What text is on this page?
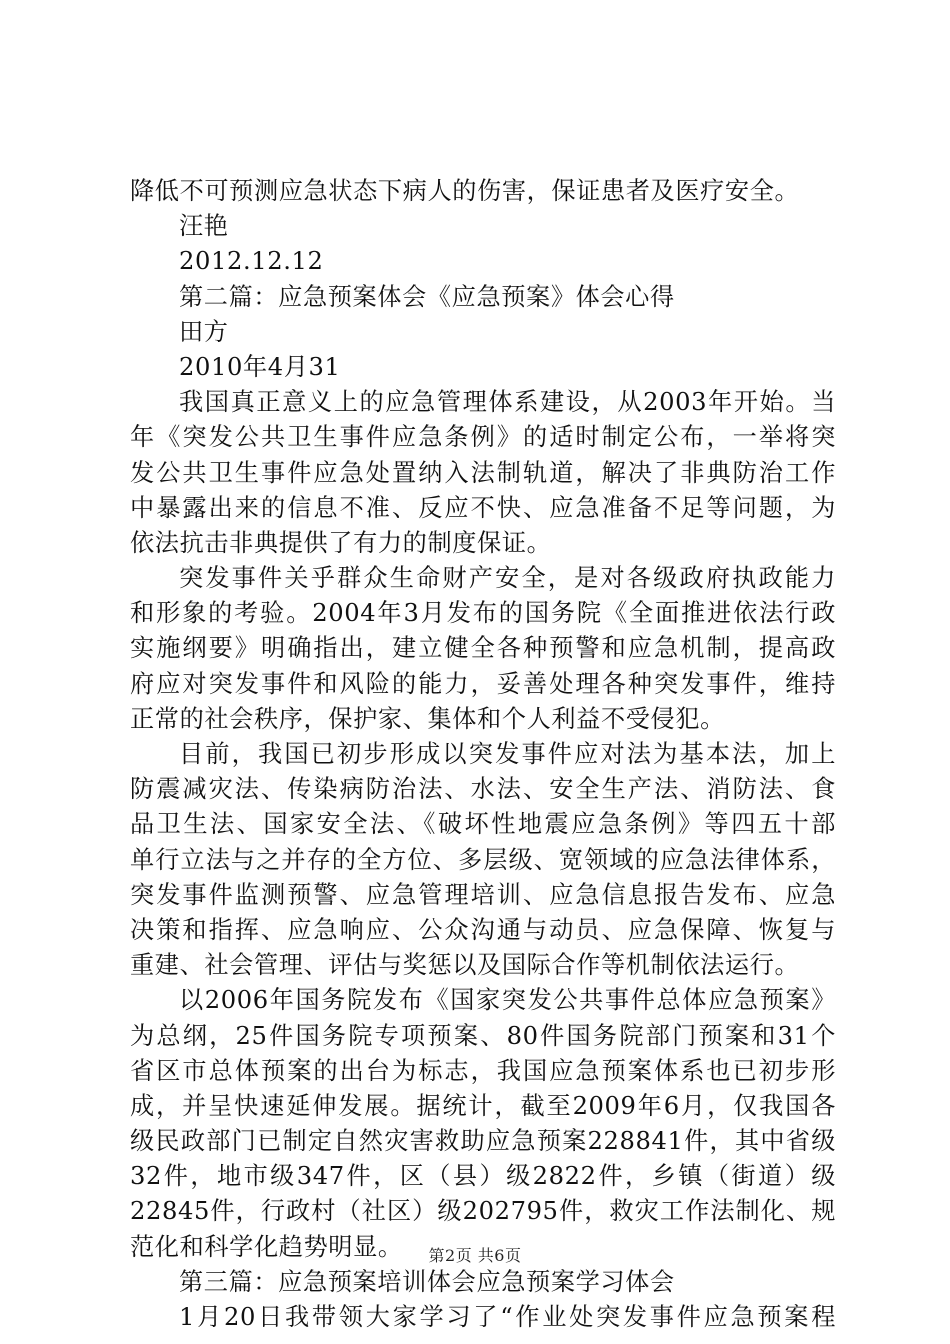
降低不可预测应急状态下病人的伤害，保证患者及医疗安全。
汪艳
2012.12.12
第二篇：应急预案体会《应急预案》体会心得
田方
2010年4月31
我国真正意义上的应急管理体系建设，从2003年开始。当
年《突发公共卫生事件应急条例》的适时制定公布，一举将突
发公共卫生事件应急处置纳入法制轨道，解决了非典防治工作
中暴露出来的信息不准、反应不快、应急准备不足等问题，为
依法抗击非典提供了有力的制度保证。
突发事件关乎群众生命财产安全，是对各级政府执政能力
和形象的考验。2004年3月发布的国务院《全面推进依法行政
实施纲要》明确指出，建立健全各种预警和应急机制，提高政
府应对突发事件和风险的能力，妥善处理各种突发事件，维持
正常的社会秩序，保护家、集体和个人利益不受侵犯。
目前，我国已初步形成以突发事件应对法为基本法，加上
防震减灾法、传染病防治法、水法、安全生产法、消防法、食
品卫生法、国家安全法、《破坏性地震应急条例》等四五十部
单行立法与之并存的全方位、多层级、宽领域的应急法律体系，
突发事件监测预警、应急管理培训、应急信息报告发布、应急
决策和指挥、应急响应、公众沟通与动员、应急保障、恢复与
重建、社会管理、评估与奖惩以及国际合作等机制依法运行。
以2006年国务院发布《国家突发公共事件总体应急预案》
为总纲，25件国务院专项预案、80件国务院部门预案和31个
省区市总体预案的出台为标志，我国应急预案体系也已初步形
成，并呈快速延伸发展。据统计，截至2009年6月，仅我国各
级民政部门已制定自然灾害救助应急预案228841件，其中省级
32件，地市级347件，区（县）级2822件，乡镇（街道）级
22845件，行政村（社区）级202795件，救灾工作法制化、规
范化和科学化趋势明显。
第三篇：应急预案培训体会应急预案学习体会
1月20日我带领大家学习了“作业处突发事件应急预案程
第2页 共6页
